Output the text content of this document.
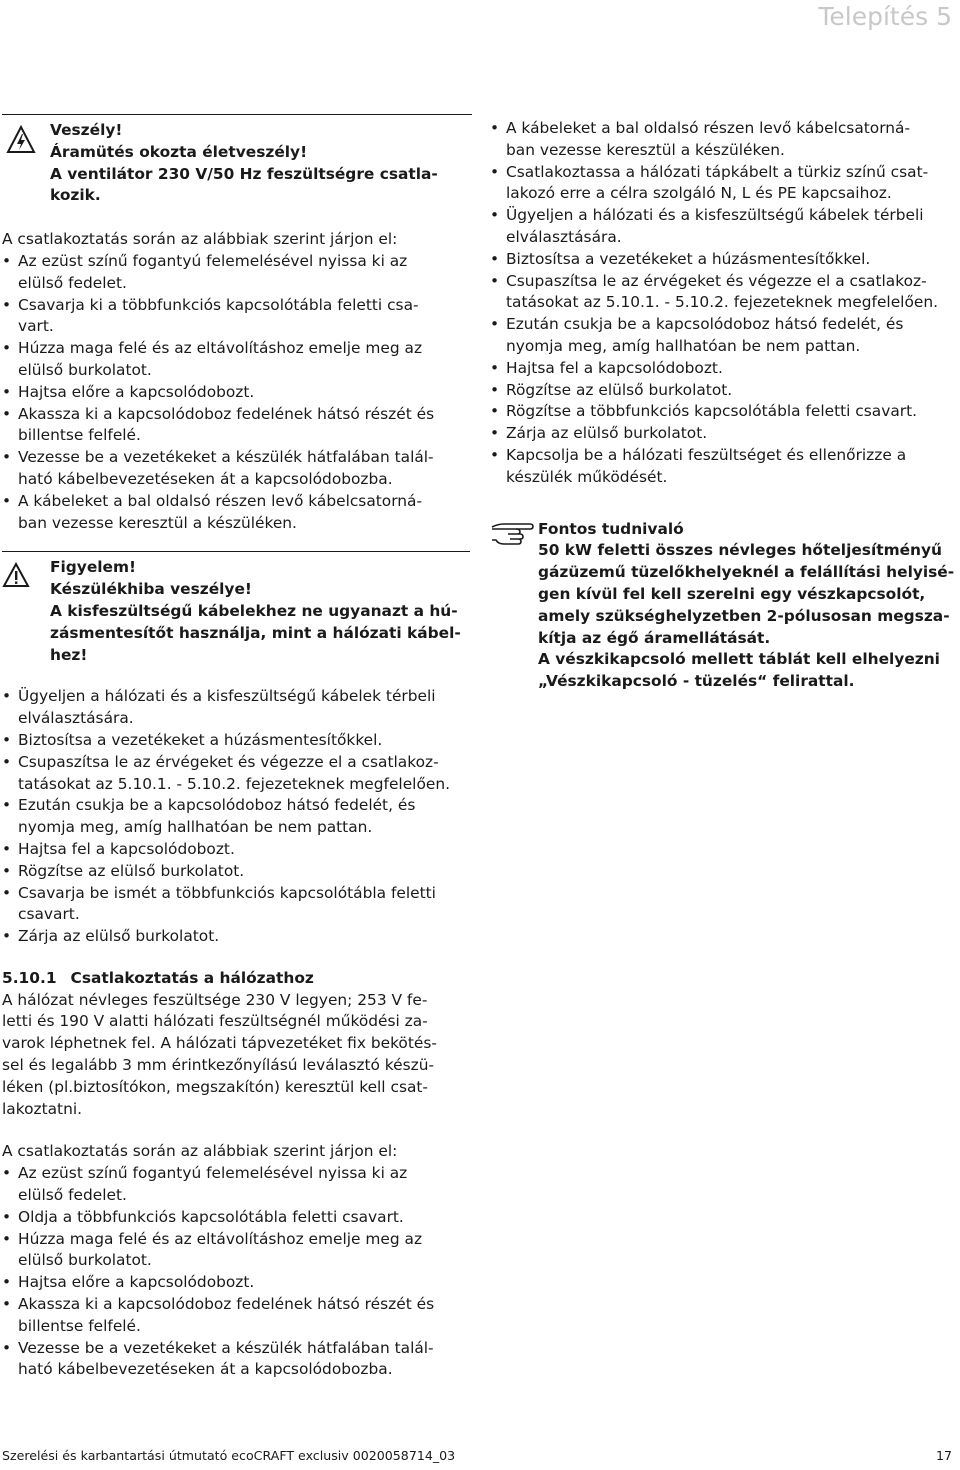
Telepítés 5

Veszély!

Áramütés okozta életveszély!

A ventilátor 230 V/50 Hz feszültségre csatla-

kozik.

A csatlakoztatás során az alábbiak szerint járjon el:

• Az ezüst színű fogantyú felemelésével nyissa ki az

elülső fedelet.

• Csavarja ki a többfunkciós kapcsolótábla feletti csa-

vart.

• Húzza maga felé és az eltávolításhoz emelje meg az

elülső burkolatot.

• Hajtsa előre a kapcsolódobozt.

• Akassza ki a kapcsolódoboz fedelének hátsó részét és

billentse felfelé.

• Vezesse be a vezetékeket a készülék hátfalában talál-

ható kábelbevezetéseken át a kapcsolódobozba.

• A kábeleket a bal oldalsó részen levő kábelcsatorná-

ban vezesse keresztül a készüléken.

Figyelem!

Készülékhiba veszélye!

A kisfeszültségű kábelekhez ne ugyanazt a hú-

zásmentesítőt használja, mint a hálózati kábel-

hez!

• Ügyeljen a hálózati és a kisfeszültségű kábelek térbeli

elválasztására.

• Biztosítsa a vezetékeket a húzásmentesítőkkel.

• Csupaszítsa le az érvégeket és végezze el a csatlakoz-

tatásokat az 5.10.1. - 5.10.2. fejezeteknek megfelelően.

• Ezután csukja be a kapcsolódoboz hátsó fedelét, és

nyomja meg, amíg hallhatóan be nem pattan.

• Hajtsa fel a kapcsolódobozt.

• Rögzítse az elülső burkolatot.

• Csavarja be ismét a többfunkciós kapcsolótábla feletti

csavart.

• Zárja az elülső burkolatot.

5.10.1 Csatlakoztatás a hálózathoz

A hálózat névleges feszültsége 230 V legyen; 253 V fe-

letti és 190 V alatti hálózati feszültségnél működési za-

varok léphetnek fel. A hálózati tápvezetéket fix bekötés-

sel és legalább 3 mm érintkezőnyílású leválasztó készü-

léken (pl.biztosítókon, megszakítón) keresztül kell csat-

lakoztatni.

A csatlakoztatás során az alábbiak szerint járjon el:

• Az ezüst színű fogantyú felemelésével nyissa ki az

elülső fedelet.

• Oldja a többfunkciós kapcsolótábla feletti csavart.

• Húzza maga felé és az eltávolításhoz emelje meg az

elülső burkolatot.

• Hajtsa előre a kapcsolódobozt.

• Akassza ki a kapcsolódoboz fedelének hátsó részét és

billentse felfelé.

• Vezesse be a vezetékeket a készülék hátfalában talál-

ható kábelbevezetéseken át a kapcsolódobozba.

• A kábeleket a bal oldalsó részen levő kábelcsatorná-

ban vezesse keresztül a készüléken.

• Csatlakoztassa a hálózati tápkábelt a türkiz színű csat-

lakozó erre a célra szolgáló N, L és PE kapcsaihoz.

• Ügyeljen a hálózati és a kisfeszültségű kábelek térbeli

elválasztására.

• Biztosítsa a vezetékeket a húzásmentesítőkkel.

• Csupaszítsa le az érvégeket és végezze el a csatlakoz-

tatásokat az 5.10.1. - 5.10.2. fejezeteknek megfelelően.

• Ezután csukja be a kapcsolódoboz hátsó fedelét, és

nyomja meg, amíg hallhatóan be nem pattan.

• Hajtsa fel a kapcsolódobozt.

• Rögzítse az elülső burkolatot.

• Rögzítse a többfunkciós kapcsolótábla feletti csavart.

• Zárja az elülső burkolatot.

• Kapcsolja be a hálózati feszültséget és ellenőrizze a

készülék működését.

Fontos tudnivaló

50 kW feletti összes névleges hőteljesítményű

gázüzemű tüzelőkhelyeknél a felállítási helyisé-

gen kívül fel kell szerelni egy vészkapcsolót,

amely szükséghelyzetben 2-pólusosan megsza-

kítja az égő áramellátását.

A vészkikapcsoló mellett táblát kell elhelyezni

„Vészkikapcsoló - tüzelés“ felirattal.

Szerelési és karbantartási útmutató ecoCRAFT exclusiv 0020058714_03	17
